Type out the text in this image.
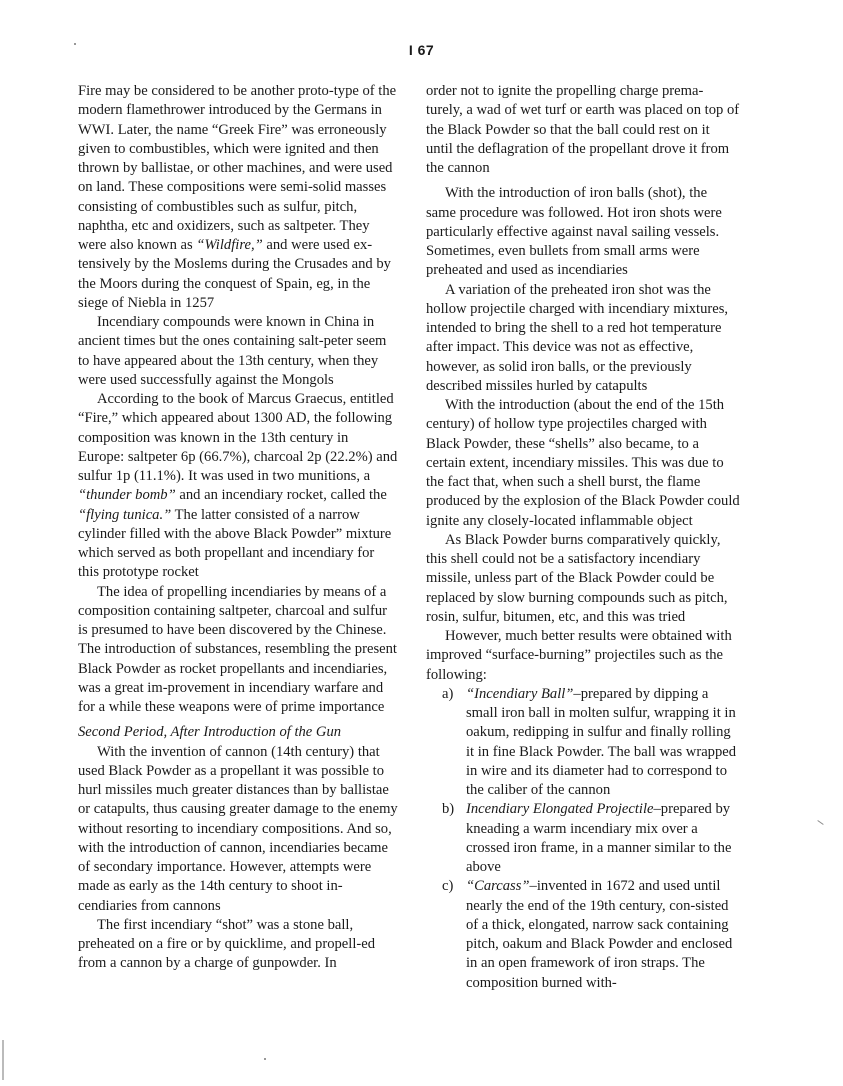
I 67

Fire may be considered to be another proto-type of the modern flamethrower introduced by the Germans in WWI. Later, the name “Greek Fire” was erroneously given to combustibles, which were ignited and then thrown by ballistae, or other machines, and were used on land. These compositions were semi-solid masses consisting of combustibles such as sulfur, pitch, naphtha, etc and oxidizers, such as saltpeter. They were also known as “Wildfire,” and were used ex-tensively by the Moslems during the Crusades and by the Moors during the conquest of Spain, eg, in the siege of Niebla in 1257

Incendiary compounds were known in China in ancient times but the ones containing salt-peter seem to have appeared about the 13th century, when they were used successfully against the Mongols

According to the book of Marcus Graecus, entitled “Fire,” which appeared about 1300 AD, the following composition was known in the 13th century in Europe: saltpeter 6p (66.7%), charcoal 2p (22.2%) and sulfur 1p (11.1%). It was used in two munitions, a “thunder bomb” and an incendiary rocket, called the “flying tunica.” The latter consisted of a narrow cylinder filled with the above Black Powder” mixture which served as both propellant and incendiary for this prototype rocket

The idea of propelling incendiaries by means of a composition containing saltpeter, charcoal and sulfur is presumed to have been discovered by the Chinese. The introduction of substances, resembling the present Black Powder as rocket propellants and incendiaries, was a great im-provement in incendiary warfare and for a while these weapons were of prime importance

Second Period, After Introduction of the Gun

With the invention of cannon (14th century) that used Black Powder as a propellant it was possible to hurl missiles much greater distances than by ballistae or catapults, thus causing greater damage to the enemy without resorting to incendiary compositions. And so, with the introduction of cannon, incendiaries became of secondary importance. However, attempts were made as early as the 14th century to shoot in-cendiaries from cannons

The first incendiary “shot” was a stone ball, preheated on a fire or by quicklime, and propell-ed from a cannon by a charge of gunpowder. In

order not to ignite the propelling charge prema-turely, a wad of wet turf or earth was placed on top of the Black Powder so that the ball could rest on it until the deflagration of the propellant drove it from the cannon

With the introduction of iron balls (shot), the same procedure was followed. Hot iron shots were particularly effective against naval sailing vessels. Sometimes, even bullets from small arms were preheated and used as incendiaries

A variation of the preheated iron shot was the hollow projectile charged with incendiary mixtures, intended to bring the shell to a red hot temperature after impact. This device was not as effective, however, as solid iron balls, or the previously described missiles hurled by catapults

With the introduction (about the end of the 15th century) of hollow type projectiles charged with Black Powder, these “shells” also became, to a certain extent, incendiary missiles. This was due to the fact that, when such a shell burst, the flame produced by the explosion of the Black Powder could ignite any closely-located inflammable object

As Black Powder burns comparatively quickly, this shell could not be a satisfactory incendiary missile, unless part of the Black Powder could be replaced by slow burning compounds such as pitch, rosin, sulfur, bitumen, etc, and this was tried

However, much better results were obtained with improved “surface-burning” projectiles such as the following:

a) “Incendiary Ball”–prepared by dipping a small iron ball in molten sulfur, wrapping it in oakum, redipping in sulfur and finally rolling it in fine Black Powder. The ball was wrapped in wire and its diameter had to correspond to the caliber of the cannon
b) Incendiary Elongated Projectile–prepared by kneading a warm incendiary mix over a crossed iron frame, in a manner similar to the above
c) “Carcass”–invented in 1672 and used until nearly the end of the 19th century, con-sisted of a thick, elongated, narrow sack containing pitch, oakum and Black Powder and enclosed in an open framework of iron straps. The composition burned with-
